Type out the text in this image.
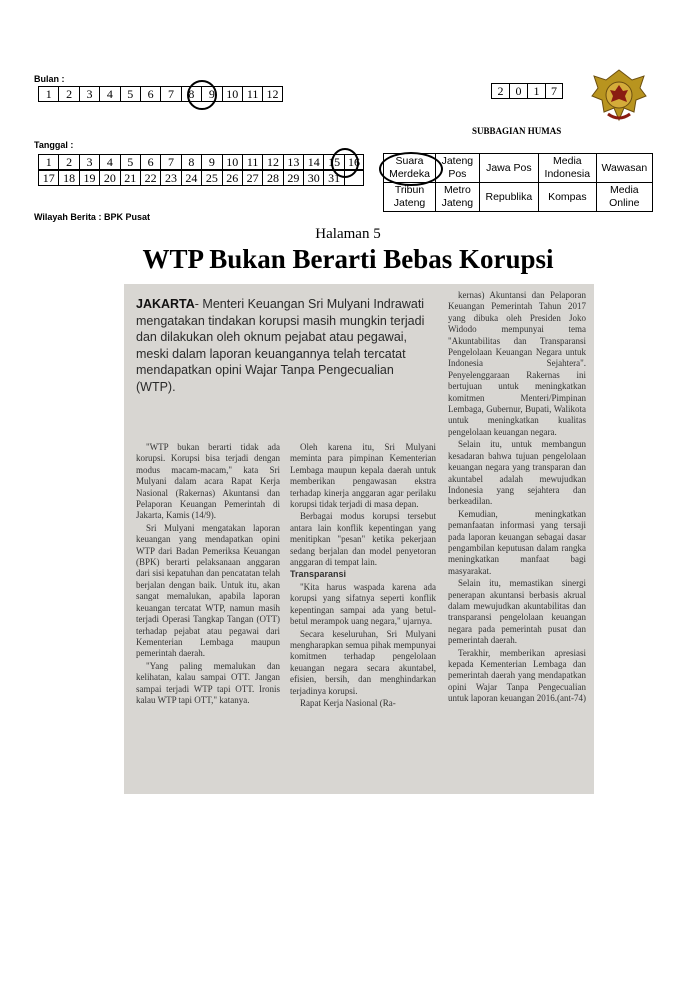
Bulan :
1	2	3	4	5	6	7	8	9 10 11 12	2	0	1 7
SUBBAGIAN HUMAS
Tanggal :
1	2	3	4	5	6	7	8	9 10 11 12 13 14 15 16
17 18 19 20 21 22 23 24 25 26 27 28 29 30 31
Suara Merdeka	Jateng Pos	Jawa Pos	Media Indonesia	Wawasan
Tribun Jateng	Metro Jateng	Republika	Kompas	Media Online
Wilayah Berita : BPK Pusat
Halaman 5
WTP Bukan Berarti Bebas Korupsi
JAKARTA- Menteri Keuangan Sri Mulyani Indrawati mengatakan tindakan korupsi masih mungkin terjadi dan dilakukan oleh oknum pejabat atau pegawai, meski dalam laporan keuangannya telah tercatat mendapatkan opini Wajar Tanpa Pengecualian (WTP).

"WTP bukan berarti tidak ada korupsi. Korupsi bisa terjadi dengan modus macam-macam," kata Sri Mulyani dalam acara Rapat Kerja Nasional (Rakernas) Akuntansi dan Pelaporan Keuangan Pemerintah di Jakarta, Kamis (14/9).

Sri Mulyani mengatakan laporan keuangan yang mendapatkan opini WTP dari Badan Pemeriksa Keuangan (BPK) berarti pelaksanaan anggaran dari sisi kepatuhan dan pencatatan telah berjalan dengan baik. Untuk itu, akan sangat memalukan, apabila laporan keuangan tercatat WTP, namun masih terjadi Operasi Tangkap Tangan (OTT) terhadap pejabat atau pegawai dari Kementerian Lembaga maupun pemerintah daerah.

"Yang paling memalukan dan kelihatan, kalau sampai OTT. Jangan sampai terjadi WTP tapi OTT. Ironis kalau WTP tapi OTT," katanya.

Oleh karena itu, Sri Mulyani meminta para pimpinan Kementerian Lembaga maupun kepala daerah untuk memberikan pengawasan ekstra terhadap kinerja anggaran agar perilaku korupsi tidak terjadi di masa depan.

Berbagai modus korupsi tersebut antara lain konflik kepentingan yang menitipkan "pesan" ketika pekerjaan sedang berjalan dan model penyetoran anggaran di tempat lain.

Transparansi

"Kita harus waspada karena ada korupsi yang sifatnya seperti konflik kepentingan sampai ada yang betul-betul merampok uang negara," ujarnya.

Secara keseluruhan, Sri Mulyani mengharapkan semua pihak mempunyai komitmen terhadap pengelolaan keuangan negara secara akuntabel, efisien, bersih, dan menghindarkan terjadinya korupsi.

Rapat Kerja Nasional (Ra-

kernas) Akuntansi dan Pelaporan Keuangan Pemerintah Tahun 2017 yang dibuka oleh Presiden Joko Widodo mempunyai tema "Akuntabilitas dan Transparansi Pengelolaan Keuangan Negara untuk Indonesia Sejahtera". Penyelenggaraan Rakernas ini bertujuan untuk meningkatkan komitmen Menteri/Pimpinan Lembaga, Gubernur, Bupati, Walikota untuk meningkatkan kualitas pengelolaan keuangan negara.

Selain itu, untuk membangun kesadaran bahwa tujuan pengelolaan keuangan negara yang transparan dan akuntabel adalah mewujudkan Indonesia yang sejahtera dan berkeadilan.

Kemudian, meningkatkan pemanfaatan informasi yang tersaji pada laporan keuangan sebagai dasar pengambilan keputusan dalam rangka meningkatkan manfaat bagi masyarakat.

Selain itu, memastikan sinergi penerapan akuntansi berbasis akrual dalam mewujudkan akuntabilitas dan transparansi pengelolaan keuangan negara pada pemerintah pusat dan pemerintah daerah.

Terakhir, memberikan apresiasi kepada Kementerian Lembaga dan pemerintah daerah yang mendapatkan opini Wajar Tanpa Pengecualian untuk laporan keuangan 2016.(ant-74)
